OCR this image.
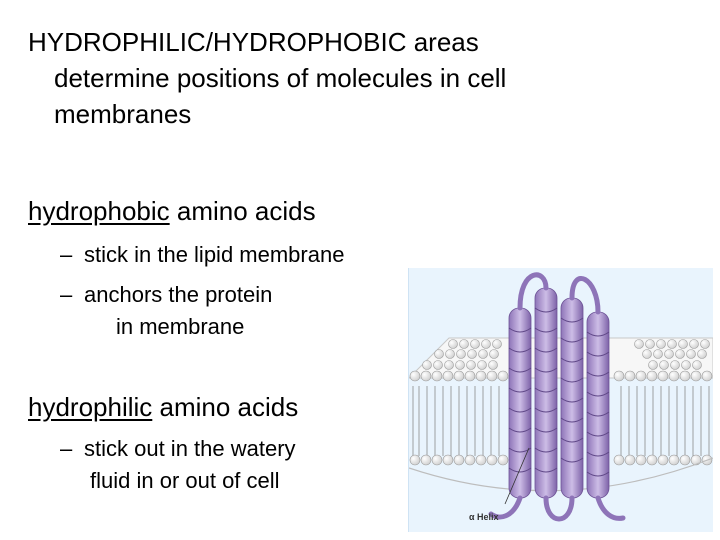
HYDROPHILIC/HYDROPHOBIC areas
determine positions of molecules in cell
membranes
hydrophobic amino acids
– stick in the lipid membrane
– anchors the protein
in membrane
hydrophilic amino acids
– stick out in the watery
fluid in or out of cell
α Helix
